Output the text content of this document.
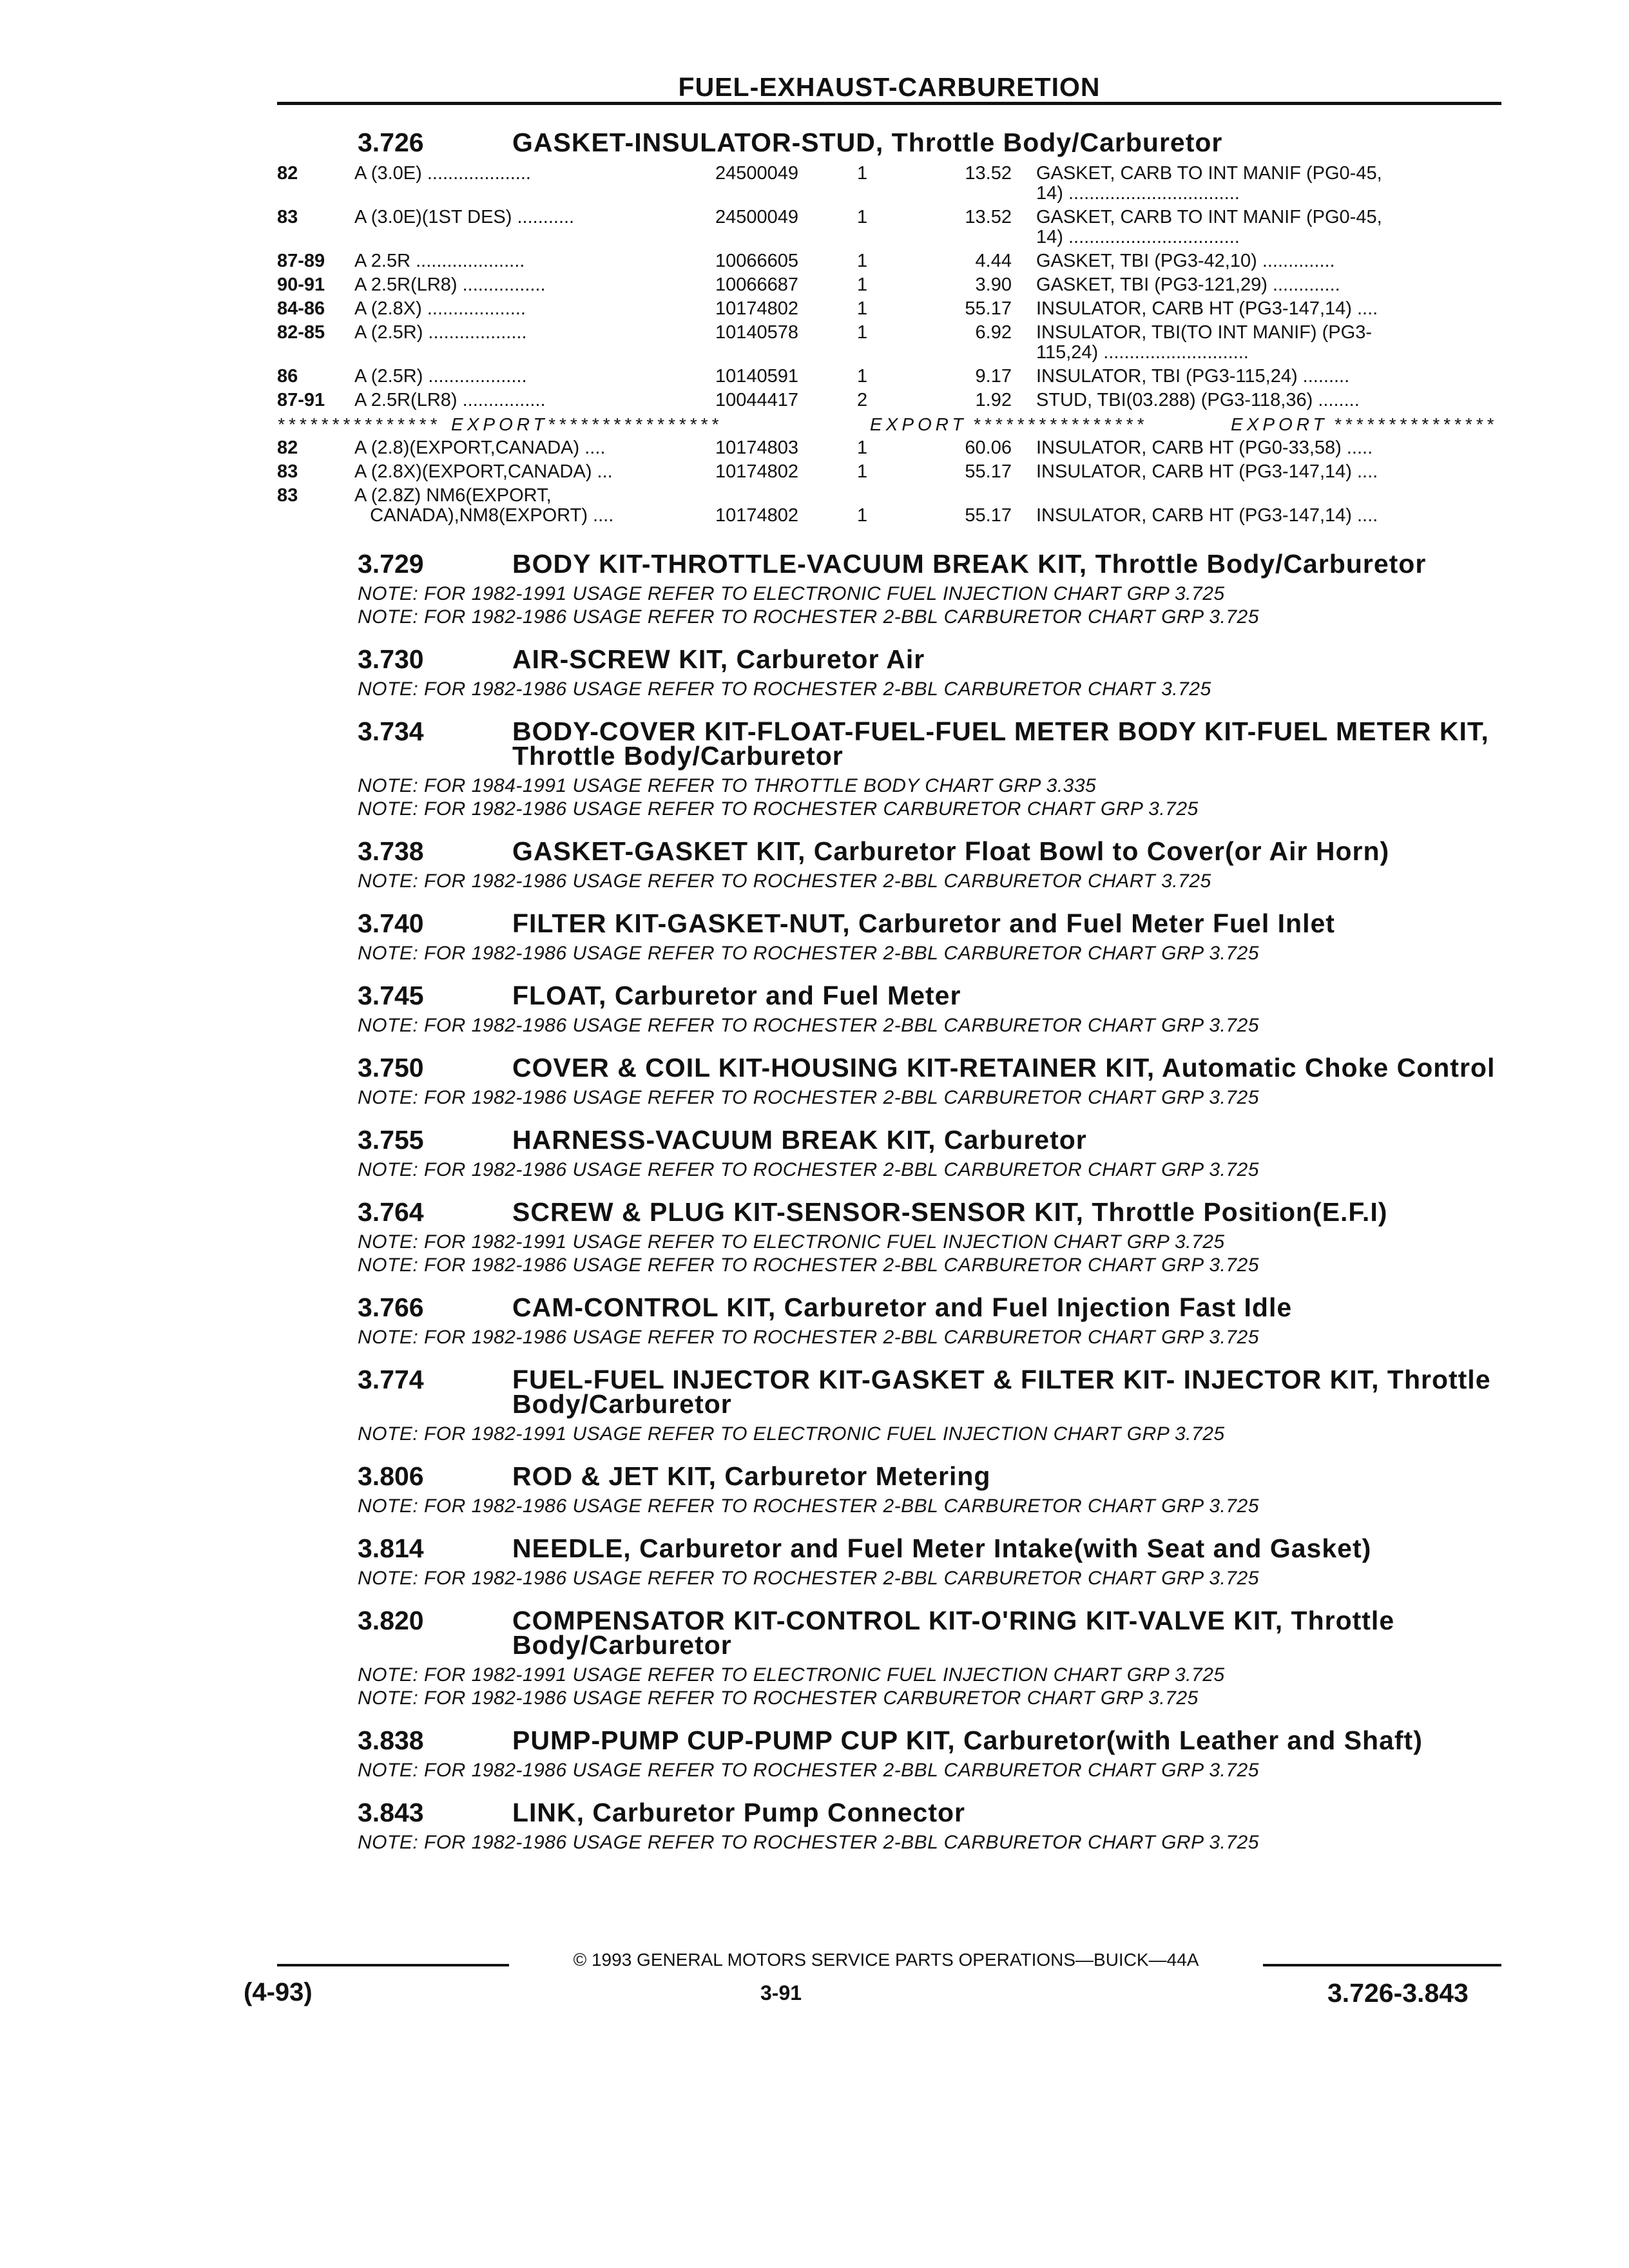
FUEL-EXHAUST-CARBURETION
3.726	GASKET-INSULATOR-STUD, Throttle Body/Carburetor
82	A (3.0E) ....................	24500049	1	13.52 GASKET, CARB TO INT MANIF (PG0-45,
14) .................................
83	A (3.0E)(1ST DES) ...........	24500049	1	13.52 GASKET, CARB TO INT MANIF (PG0-45,
14) .................................
87-89 A 2.5R .....................	10066605	1	4.44 GASKET, TBI (PG3-42,10) ..............
90-91 A 2.5R(LR8) ................	10066687	1	3.90 GASKET, TBI (PG3-121,29) .............
84-86 A (2.8X) ...................	10174802	1	55.17 INSULATOR, CARB HT (PG3-147,14) ....
82-85 A (2.5R) ...................	10140578	1	6.92 INSULATOR, TBI(TO INT MANIF) (PG3-
115,24) ............................
86	A (2.5R) ...................	10140591	1	9.17 INSULATOR, TBI (PG3-115,24) .........
87-91 A 2.5R(LR8) ................	10044417	2	1.92 STUD, TBI(03.288) (PG3-118,36) ........
*************** EXPORT ****************	EXPORT ****************	EXPORT ***************
82	A (2.8)(EXPORT,CANADA) ....	10174803	1	60.06 INSULATOR, CARB HT (PG0-33,58) .....
83	A (2.8X)(EXPORT,CANADA) ...	10174802	1	55.17 INSULATOR, CARB HT (PG3-147,14) ....
83	A (2.8Z) NM6(EXPORT,
CANADA),NM8(EXPORT) ....	10174802	1	55.17 INSULATOR, CARB HT (PG3-147,14) ....
3.729	BODY KIT-THROTTLE-VACUUM BREAK KIT, Throttle Body/Carburetor
NOTE: FOR 1982-1991 USAGE REFER TO ELECTRONIC FUEL INJECTION CHART GRP 3.725
NOTE: FOR 1982-1986 USAGE REFER TO ROCHESTER 2-BBL CARBURETOR CHART GRP 3.725
3.730	AIR-SCREW KIT, Carburetor Air
NOTE: FOR 1982-1986 USAGE REFER TO ROCHESTER 2-BBL CARBURETOR CHART 3.725
3.734	BODY-COVER KIT-FLOAT-FUEL-FUEL METER BODY KIT-FUEL METER KIT, Throttle Body/Carburetor
NOTE: FOR 1984-1991 USAGE REFER TO THROTTLE BODY CHART GRP 3.335
NOTE: FOR 1982-1986 USAGE REFER TO ROCHESTER CARBURETOR CHART GRP 3.725
3.738	GASKET-GASKET KIT, Carburetor Float Bowl to Cover(or Air Horn)
NOTE: FOR 1982-1986 USAGE REFER TO ROCHESTER 2-BBL CARBURETOR CHART 3.725
3.740	FILTER KIT-GASKET-NUT, Carburetor and Fuel Meter Fuel Inlet
NOTE: FOR 1982-1986 USAGE REFER TO ROCHESTER 2-BBL CARBURETOR CHART GRP 3.725
3.745	FLOAT, Carburetor and Fuel Meter
NOTE: FOR 1982-1986 USAGE REFER TO ROCHESTER 2-BBL CARBURETOR CHART GRP 3.725
3.750	COVER & COIL KIT-HOUSING KIT-RETAINER KIT, Automatic Choke Control
NOTE: FOR 1982-1986 USAGE REFER TO ROCHESTER 2-BBL CARBURETOR CHART GRP 3.725
3.755	HARNESS-VACUUM BREAK KIT, Carburetor
NOTE: FOR 1982-1986 USAGE REFER TO ROCHESTER 2-BBL CARBURETOR CHART GRP 3.725
3.764	SCREW & PLUG KIT-SENSOR-SENSOR KIT, Throttle Position(E.F.I)
NOTE: FOR 1982-1991 USAGE REFER TO ELECTRONIC FUEL INJECTION CHART GRP 3.725
NOTE: FOR 1982-1986 USAGE REFER TO ROCHESTER 2-BBL CARBURETOR CHART GRP 3.725
3.766	CAM-CONTROL KIT, Carburetor and Fuel Injection Fast Idle
NOTE: FOR 1982-1986 USAGE REFER TO ROCHESTER 2-BBL CARBURETOR CHART GRP 3.725
3.774	FUEL-FUEL INJECTOR KIT-GASKET & FILTER KIT- INJECTOR KIT, Throttle Body/Carburetor
NOTE: FOR 1982-1991 USAGE REFER TO ELECTRONIC FUEL INJECTION CHART GRP 3.725
3.806	ROD & JET KIT, Carburetor Metering
NOTE: FOR 1982-1986 USAGE REFER TO ROCHESTER 2-BBL CARBURETOR CHART GRP 3.725
3.814	NEEDLE, Carburetor and Fuel Meter Intake(with Seat and Gasket)
NOTE: FOR 1982-1986 USAGE REFER TO ROCHESTER 2-BBL CARBURETOR CHART GRP 3.725
3.820	COMPENSATOR KIT-CONTROL KIT-O'RING KIT-VALVE KIT, Throttle Body/Carburetor
NOTE: FOR 1982-1991 USAGE REFER TO ELECTRONIC FUEL INJECTION CHART GRP 3.725
NOTE: FOR 1982-1986 USAGE REFER TO ROCHESTER CARBURETOR CHART GRP 3.725
3.838	PUMP-PUMP CUP-PUMP CUP KIT, Carburetor(with Leather and Shaft)
NOTE: FOR 1982-1986 USAGE REFER TO ROCHESTER 2-BBL CARBURETOR CHART GRP 3.725
3.843	LINK, Carburetor Pump Connector
NOTE: FOR 1982-1986 USAGE REFER TO ROCHESTER 2-BBL CARBURETOR CHART GRP 3.725
© 1993 GENERAL MOTORS SERVICE PARTS OPERATIONS—BUICK—44A
(4-93)	3-91	3.726-3.843
